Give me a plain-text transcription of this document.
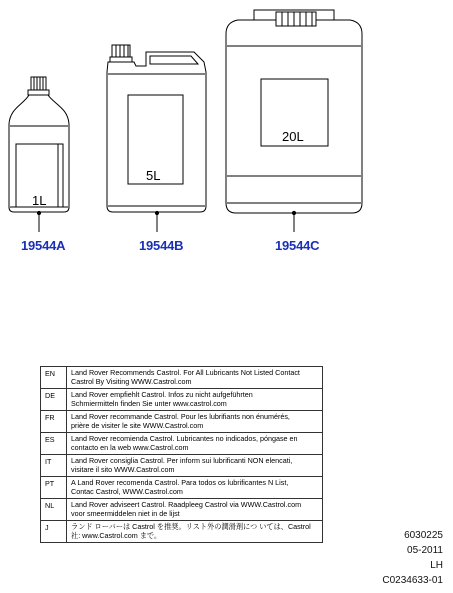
1L
5L
20L
19544A	19544B	19544C
EN	Land Rover Recommends Castrol. For All Lubricants Not Listed Contact
Castrol By Visiting WWW.Castrol.com

DE	Land Rover empfiehlt Castrol. Infos zu nicht aufgeführten
Schmiermitteln finden Sie unter www.castrol.com

FR	Land Rover recommande Castrol. Pour les lubrifiants non énumérés,
prière de visiter le site WWW.Castrol.com

ES	Land Rover recomienda Castrol. Lubricantes no indicados, póngase en
contacto en la web www.Castrol.com

IT	Land Rover consiglia Castrol. Per inform sui lubrificanti NON elencati,
visitare il sito WWW.Castrol.com

PT	A Land Rover recomenda Castrol. Para todos os lubrificantes N List,
Contac Castrol, WWW.Castrol.com

NL	Land Rover adviseert Castrol. Raadpleeg Castrol via WWW.Castrol.com
voor smeermiddelen niet in de lijst

J	ランド ローバーは Castrol を推奨。リスト外の潤滑剤につ いては、Castrol
社: www.Castrol.com まで。	6030225
05-2011
LH
C0234633-01
